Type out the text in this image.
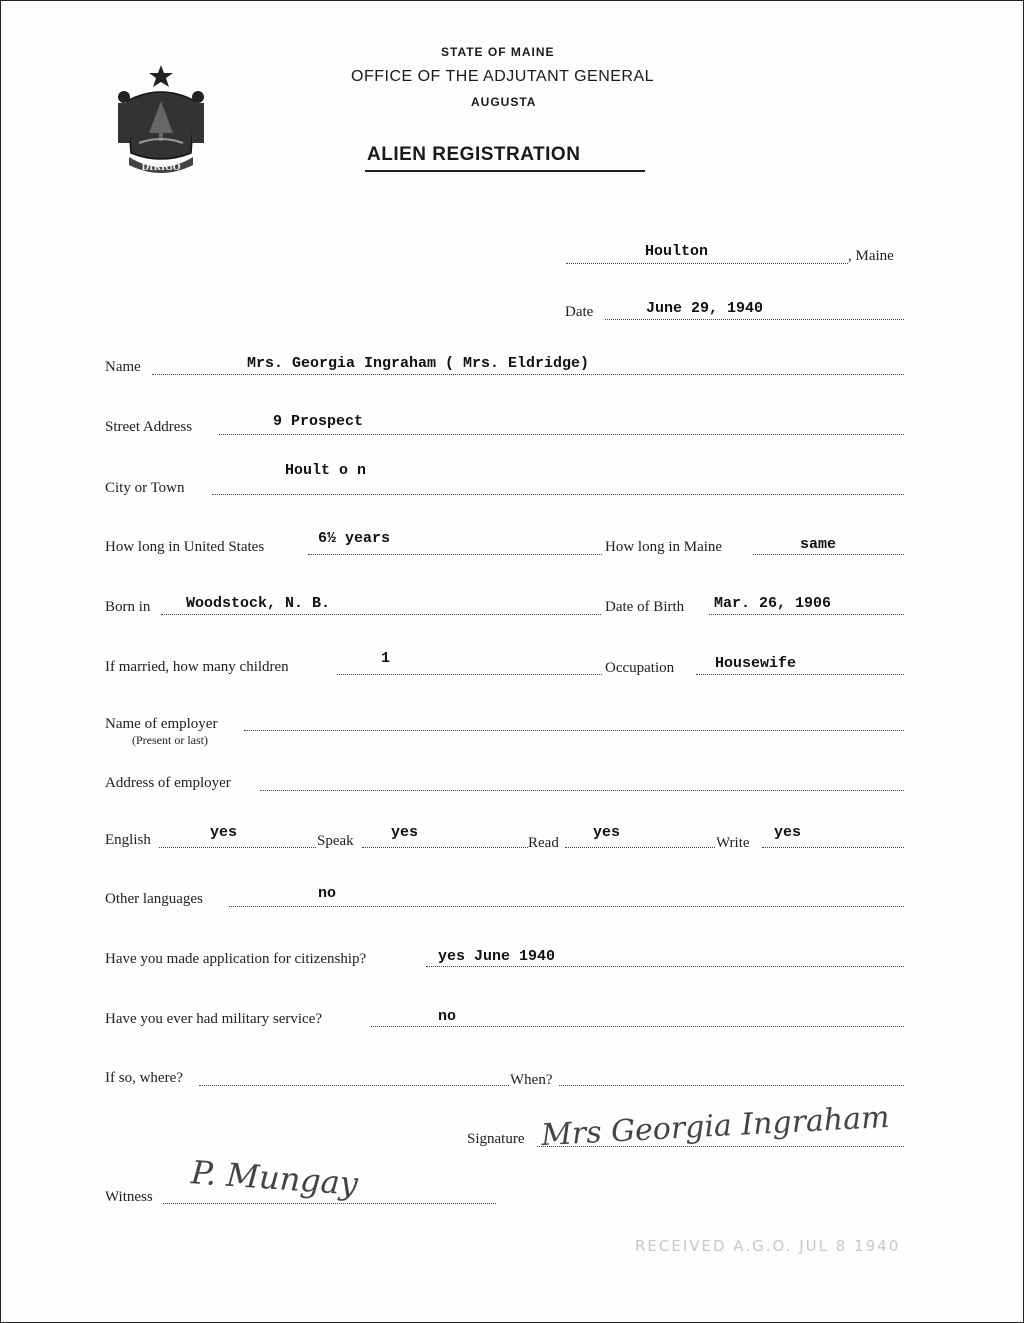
DIRIGO
STATE OF MAINE
OFFICE OF THE ADJUTANT GENERAL
AUGUSTA
ALIEN REGISTRATION
Houlton	, Maine
Date	June 29, 1940
Name	Mrs. Georgia Ingraham ( Mrs. Eldridge)
Street Address	9 Prospect
City or Town
Hoult o n
How long in United States	6½ years	How long in Maine	same
Born in Woodstock, N. B.	Date of Birth Mar. 26, 1906
If married, how many children	1
Occupation	Housewife
Name of employer
(Present or last)
Address of employer
English	yes	Speak yes
Read
yes
Write
yes
Other languages	no
Have you made application for citizenship?	yes June 1940
Have you ever had military service?	no
If so, where?	When?
Signature Mrs Georgia Ingraham
Witness P. Mungay
RECEIVED A.G.O. JUL 8 1940
